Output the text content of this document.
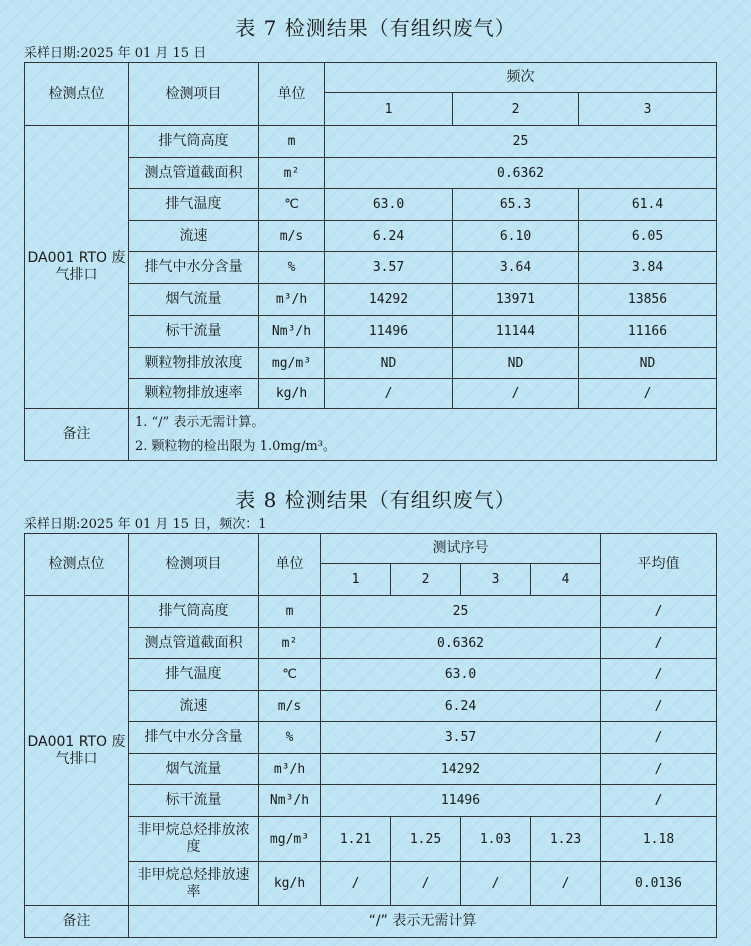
表 7 检测结果（有组织废气）
采样日期:2025 年 01 月 15 日
检测点位	检测项目	单位	频次		
			1	2	3
DA001 RTO 废气排口	排气筒高度	m	25		
	测点管道截面积	m²	0.6362		
	排气温度	℃	63.0	65.3	61.4
	流速	m/s	6.24	6.10	6.05
	排气中水分含量	%	3.57	3.64	3.84
	烟气流量	m³/h	14292	13971	13856
	标干流量	Nm³/h	11496	11144	11166
	颗粒物排放浓度	mg/m³	ND	ND	ND
	颗粒物排放速率	kg/h	/	/	/
备注	1. “/” 表示无需计算。
2. 颗粒物的检出限为 1.0mg/m³。				
表 8 检测结果（有组织废气）
采样日期:2025 年 01 月 15 日，频次：1
检测点位	检测项目	单位	测试序号				平均值
			1	2	3	4	
DA001 RTO 废气排口	排气筒高度	m	25				/
	测点管道截面积	m²	0.6362				/
	排气温度	℃	63.0				/
	流速	m/s	6.24				/
	排气中水分含量	%	3.57				/
	烟气流量	m³/h	14292				/
	标干流量	Nm³/h	11496				/
	非甲烷总烃排放浓度	mg/m³	1.21	1.25	1.03	1.23	1.18
	非甲烷总烃排放速率	kg/h	/	/	/	/	0.0136
备注	“/” 表示无需计算						
